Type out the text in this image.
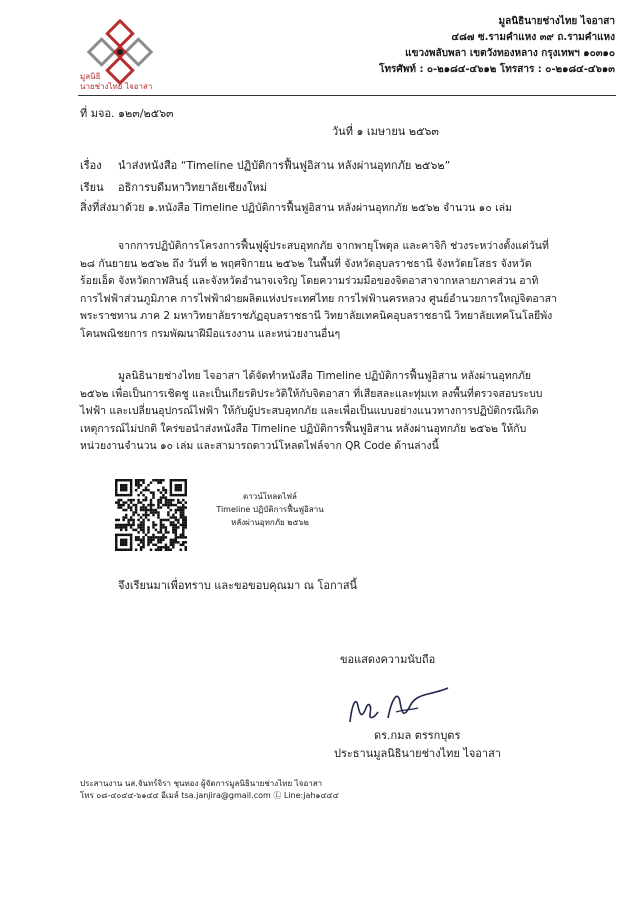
มูลนิธิ
นายช่างไทย ไจอาสา
มูลนิธินายช่างไทย ไจอาสา
๔๘๗ ซ.รามคำแหง ๓๙ ถ.รามคำแหง
แขวงพลับพลา เขตวังทองหลาง กรุงเทพฯ ๑๐๓๑๐
โทรศัพท์ : ๐-๒๑๘๔-๔๖๑๒ โทรสาร : ๐-๒๑๘๔-๔๖๑๓
ที่ มจอ. ๑๒๓/๒๕๖๓
วันที่ ๑ เมษายน ๒๕๖๓
เรื่อง นำส่งหนังสือ “Timeline ปฏิบัติการฟื้นฟูอิสาน หลังผ่านอุทกภัย ๒๕๖๒”
เรียน อธิการบดีมหาวิทยาลัยเชียงใหม่
สิ่งที่ส่งมาด้วย ๑.หนังสือ Timeline ปฏิบัติการฟื้นฟูอิสาน หลังผ่านอุทกภัย ๒๕๖๒ จำนวน ๑๐ เล่ม
จากการปฏิบัติการโครงการฟื้นฟูผู้ประสบอุทกภัย จากพายุโพดุล และคาจิกิ ช่วงระหว่างตั้งแต่วันที่
๒๘ กันยายน ๒๕๖๒ ถึง วันที่ ๒ พฤศจิกายน ๒๕๖๒ ในพื้นที่ จังหวัดอุบลราชธานี จังหวัดยโสธร จังหวัด
ร้อยเอ็ด จังหวัดกาฬสินธุ์ และจังหวัดอำนาจเจริญ โดยความร่วมมือของจิตอาสาจากหลายภาคส่วน อาทิ
การไฟฟ้าส่วนภูมิภาค การไฟฟ้าฝ่ายผลิตแห่งประเทศไทย การไฟฟ้านครหลวง ศูนย์อำนวยการใหญ่จิตอาสา
พระราชทาน ภาค 2 มหาวิทยาลัยราชภัฏอุบลราชธานี วิทยาลัยเทคนิคอุบลราชธานี วิทยาลัยเทคโนโลยีพัง
โคนพณิชยการ กรมพัฒนาฝีมือแรงงาน และหน่วยงานอื่นๆ
มูลนิธินายช่างไทย ไจอาสา ได้จัดทำหนังสือ Timeline ปฏิบัติการฟื้นฟูอิสาน หลังผ่านอุทกภัย
๒๕๖๒ เพื่อเป็นการเชิดชู และเป็นเกียรติประวัติให้กับจิตอาสา ที่เสียสละและทุ่มเท ลงพื้นที่ตรวจสอบระบบ
ไฟฟ้า และเปลี่ยนอุปกรณ์ไฟฟ้า ให้กับผู้ประสบอุทกภัย และเพื่อเป็นแบบอย่างแนวทางการปฏิบัติกรณีเกิด
เหตุการณ์ไม่ปกติ ใคร่ขอนำส่งหนังสือ Timeline ปฏิบัติการฟื้นฟูอิสาน หลังผ่านอุทกภัย ๒๕๖๒ ให้กับ
หน่วยงานจำนวน ๑๐ เล่ม และสามารถดาวน์โหลดไฟล์จาก QR Code ด้านล่างนี้
ดาวน์โหลดไฟล์
Timeline ปฏิบัติการฟื้นฟูอิสาน
หลังผ่านอุทกภัย ๒๕๖๒
จึงเรียนมาเพื่อทราบ และขอขอบคุณมา ณ โอกาสนี้
ขอแสดงความนับถือ
ดร.กมล ตรรกบุตร
ประธานมูลนิธินายช่างไทย ไจอาสา
ประสานงาน นส.จันทร์จิรา ชุนทอง ผู้จัดการมูลนิธินายช่างไทย ไจอาสา
โทร ๐๘-๔๐๔๔-๖๑๔๔ อีเมล์ tsa.janjira@gmail.com Ⓛ Line:jah๑๔๔๔
